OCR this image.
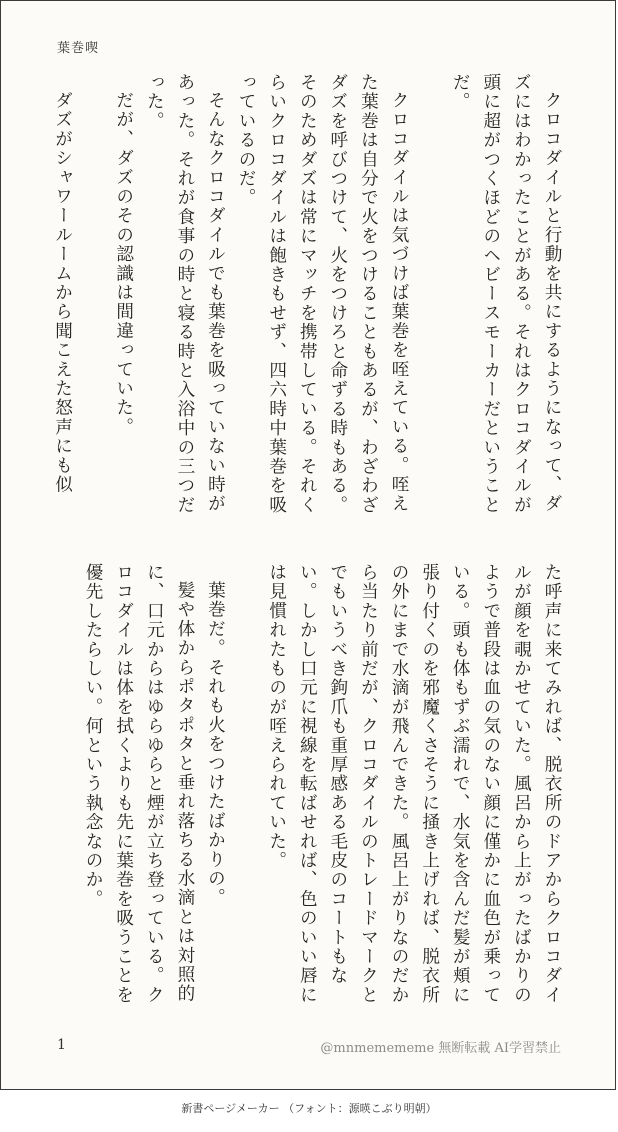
葉巻喫

クロコダイルと行動を共にするようになって、ダズにはわかったことがある。それはクロコダイルが頭に超がつくほどのヘビースモーカーだということだ。

クロコダイルは気づけば葉巻を咥えている。咥えた葉巻は自分で火をつけることもあるが、わざわざダズを呼びつけて、火をつけろと命ずる時もある。そのためダズは常にマッチを携帯している。それくらいクロコダイルは飽きもせず、四六時中葉巻を吸っているのだ。

そんなクロコダイルでも葉巻を吸っていない時があった。それが食事の時と寝る時と入浴中の三つだった。

だが、ダズのその認識は間違っていた。

ダズがシャワールームから聞こえた怒声にも似

た呼声に来てみれば、脱衣所のドアからクロコダイルが顔を覗かせていた。風呂から上がったばかりのようで普段は血の気のない顔に僅かに血色が乗っている。頭も体もずぶ濡れで、水気を含んだ髪が頬に張り付くのを邪魔くさそうに掻き上げれば、脱衣所の外にまで水滴が飛んできた。風呂上がりなのだから当たり前だが、クロコダイルのトレードマークとでもいうべき鉤爪も重厚感ある毛皮のコートもない。しかし口元に視線を転ばせれば、色のいい唇には見慣れたものが咥えられていた。

葉巻だ。それも火をつけたばかりの。

髪や体からポタポタと垂れ落ちる水滴とは対照的に、口元からはゆらゆらと煙が立ち登っている。クロコダイルは体を拭くよりも先に葉巻を吸うことを優先したらしい。何という執念なのか。

1	@mnmemememe 無断転載 AI学習禁止
新書ページメーカー （フォント：源暎こぶり明朝）
